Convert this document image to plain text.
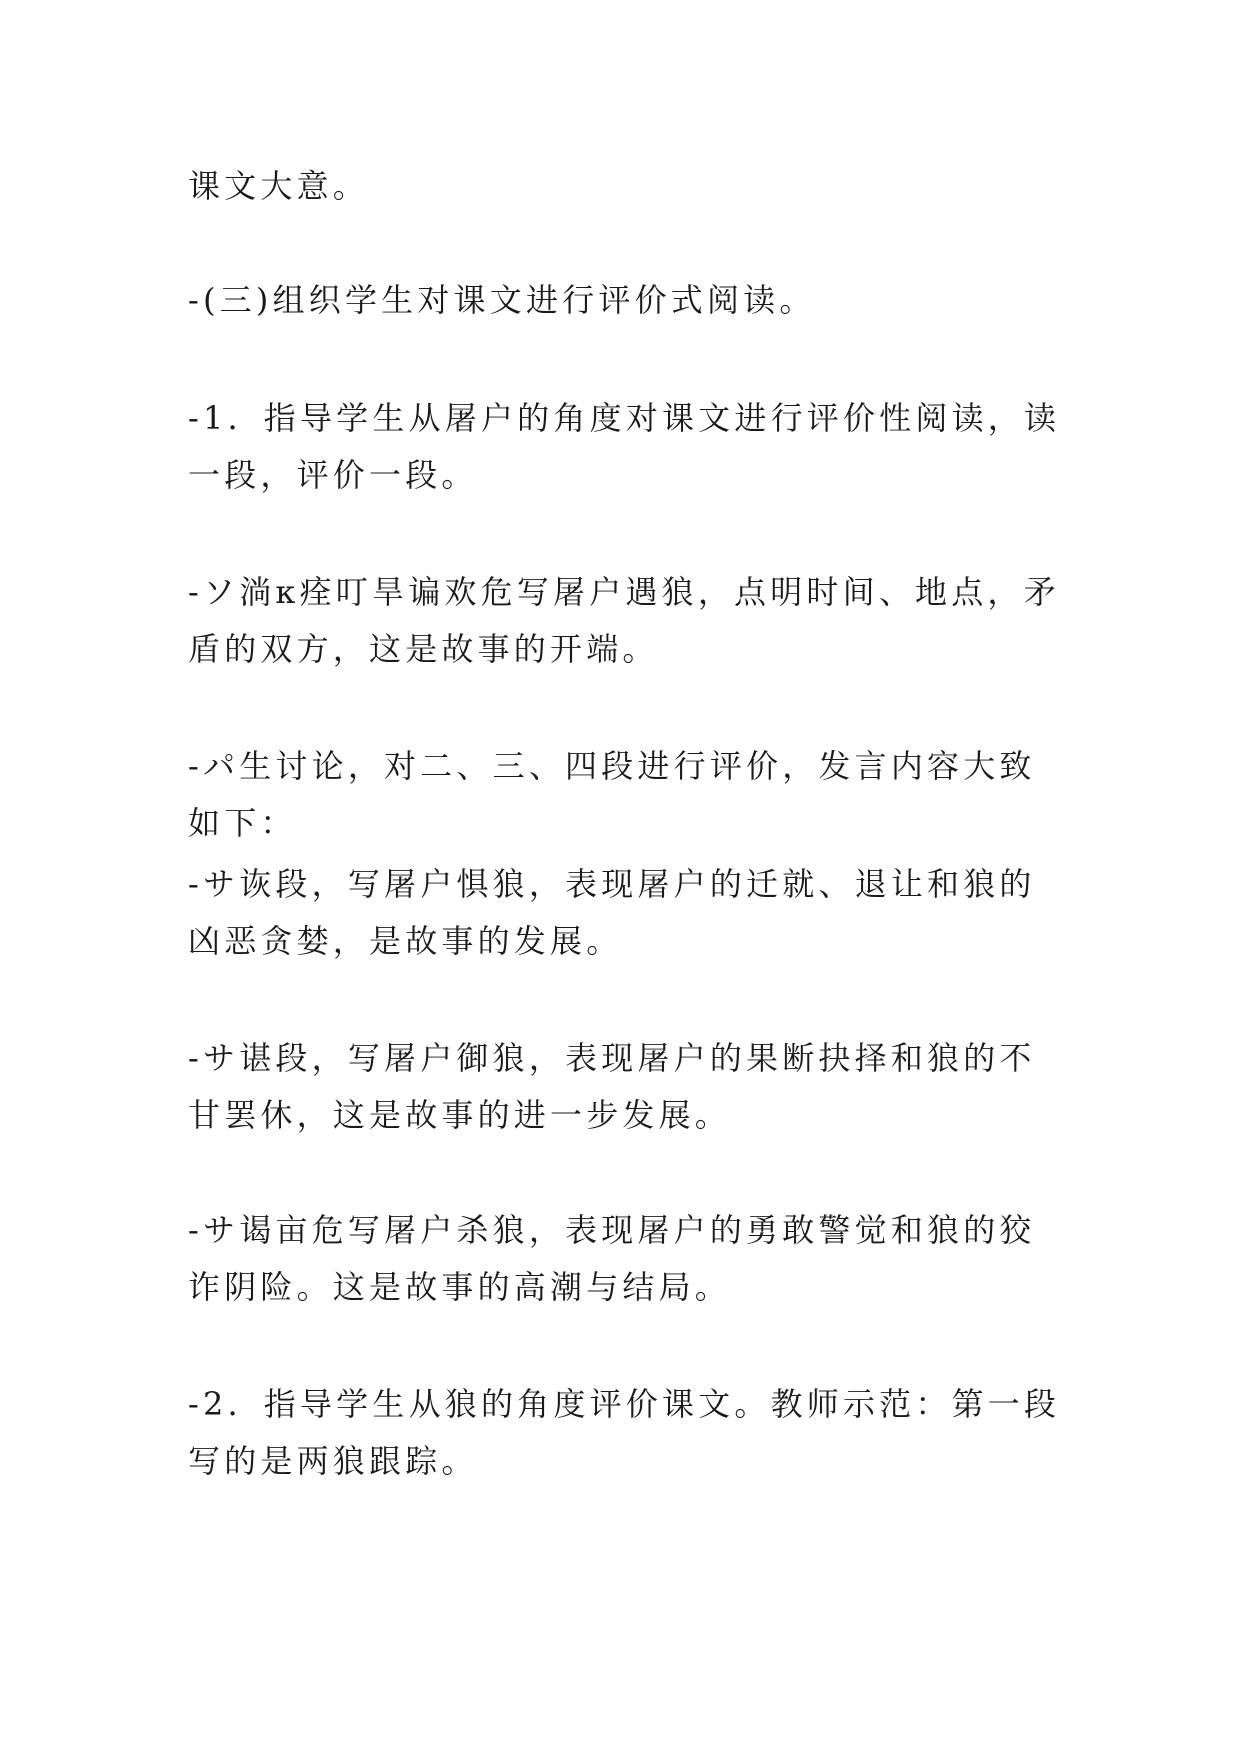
课文大意。

-(三)组织学生对课文进行评价式阅读。

-1．指导学生从屠户的角度对课文进行评价性阅读，读一段，评价一段。

-ソ淌κ痊叮旱谝欢危写屠户遇狼，点明时间、地点，矛盾的双方，这是故事的开端。

-パ生讨论，对二、三、四段进行评价，发言内容大致如下：

-サ诙段，写屠户惧狼，表现屠户的迁就、退让和狼的凶恶贪婪，是故事的发展。

-サ谌段，写屠户御狼，表现屠户的果断抉择和狼的不甘罢休，这是故事的进一步发展。

-サ谒亩危写屠户杀狼，表现屠户的勇敢警觉和狼的狡诈阴险。这是故事的高潮与结局。

-2．指导学生从狼的角度评价课文。教师示范：第一段写的是两狼跟踪。
